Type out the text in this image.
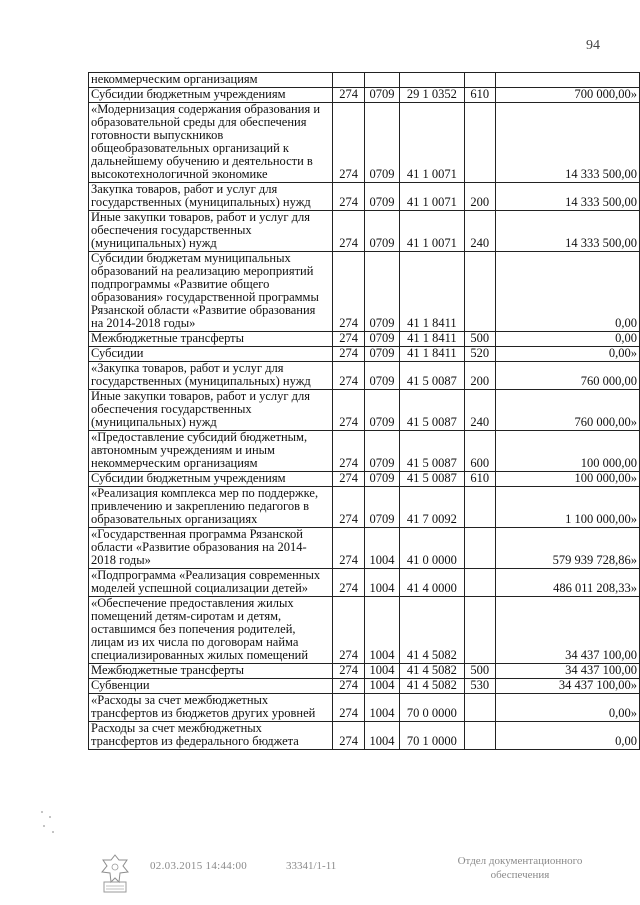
94
некоммерческим организациям					
Субсидии бюджетным учреждениям	274	0709	29 1 0352	610	700 000,00»
«Модернизация содержания образования и образовательной среды для обеспечения готовности выпускников общеобразовательных организаций к дальнейшему обучению и деятельности в высокотехнологичной экономике	274	0709	41 1 0071		14 333 500,00
Закупка товаров, работ и услуг для государственных (муниципальных) нужд	274	0709	41 1 0071	200	14 333 500,00
Иные закупки товаров, работ и услуг для обеспечения государственных (муниципальных) нужд	274	0709	41 1 0071	240	14 333 500,00
Субсидии бюджетам муниципальных образований на реализацию мероприятий подпрограммы «Развитие общего образования» государственной программы Рязанской области «Развитие образования на 2014-2018 годы»	274	0709	41 1 8411		0,00
Межбюджетные трансферты	274	0709	41 1 8411	500	0,00
Субсидии	274	0709	41 1 8411	520	0,00»
«Закупка товаров, работ и услуг для государственных (муниципальных) нужд	274	0709	41 5 0087	200	760 000,00
Иные закупки товаров, работ и услуг для обеспечения государственных (муниципальных) нужд	274	0709	41 5 0087	240	760 000,00»
«Предоставление субсидий бюджетным, автономным учреждениям и иным некоммерческим организациям	274	0709	41 5 0087	600	100 000,00
Субсидии бюджетным учреждениям	274	0709	41 5 0087	610	100 000,00»
«Реализация комплекса мер по поддержке, привлечению и закреплению педагогов в образовательных организациях	274	0709	41 7 0092		1 100 000,00»
«Государственная программа Рязанской области «Развитие образования на 2014-2018 годы»	274	1004	41 0 0000		579 939 728,86»
«Подпрограмма «Реализация современных моделей успешной социализации детей»	274	1004	41 4 0000		486 011 208,33»
«Обеспечение предоставления жилых помещений детям-сиротам и детям, оставшимся без попечения родителей, лицам из их числа по договорам найма специализированных жилых помещений	274	1004	41 4 5082		34 437 100,00
Межбюджетные трансферты	274	1004	41 4 5082	500	34 437 100,00
Субвенции	274	1004	41 4 5082	530	34 437 100,00»
«Расходы за счет межбюджетных трансфертов из бюджетов других уровней	274	1004	70 0 0000		0,00»
Расходы за счет межбюджетных трансфертов из федерального бюджета	274	1004	70 1 0000		0,00
02.03.2015 14:44:00	33341/1-11	Отдел документационного обеспечения
